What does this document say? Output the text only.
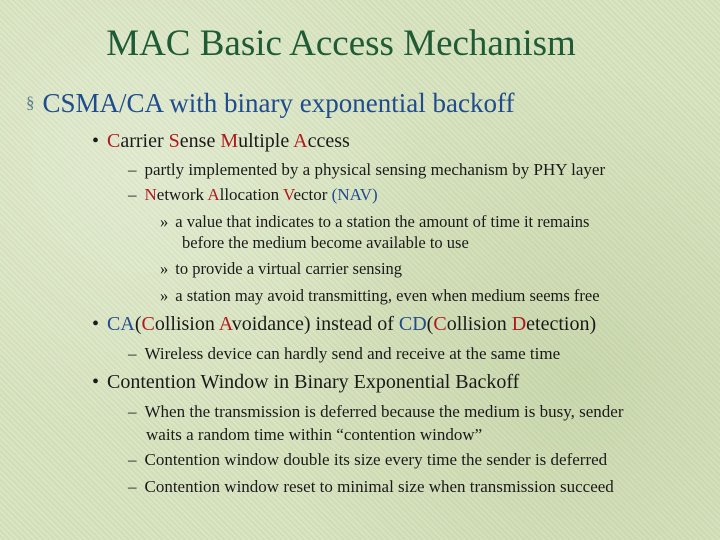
MAC Basic Access Mechanism
§ CSMA/CA with binary exponential backoff
• Carrier Sense Multiple Access
– partly implemented by a physical sensing mechanism by PHY layer
– Network Allocation Vector (NAV)
» a value that indicates to a station the amount of time it remains
before the medium become available to use
» to provide a virtual carrier sensing
» a station may avoid transmitting, even when medium seems free
• CA(Collision Avoidance) instead of CD(Collision Detection)
– Wireless device can hardly send and receive at the same time
• Contention Window in Binary Exponential Backoff
– When the transmission is deferred because the medium is busy, sender
waits a random time within “contention window”
– Contention window double its size every time the sender is deferred
– Contention window reset to minimal size when transmission succeed
